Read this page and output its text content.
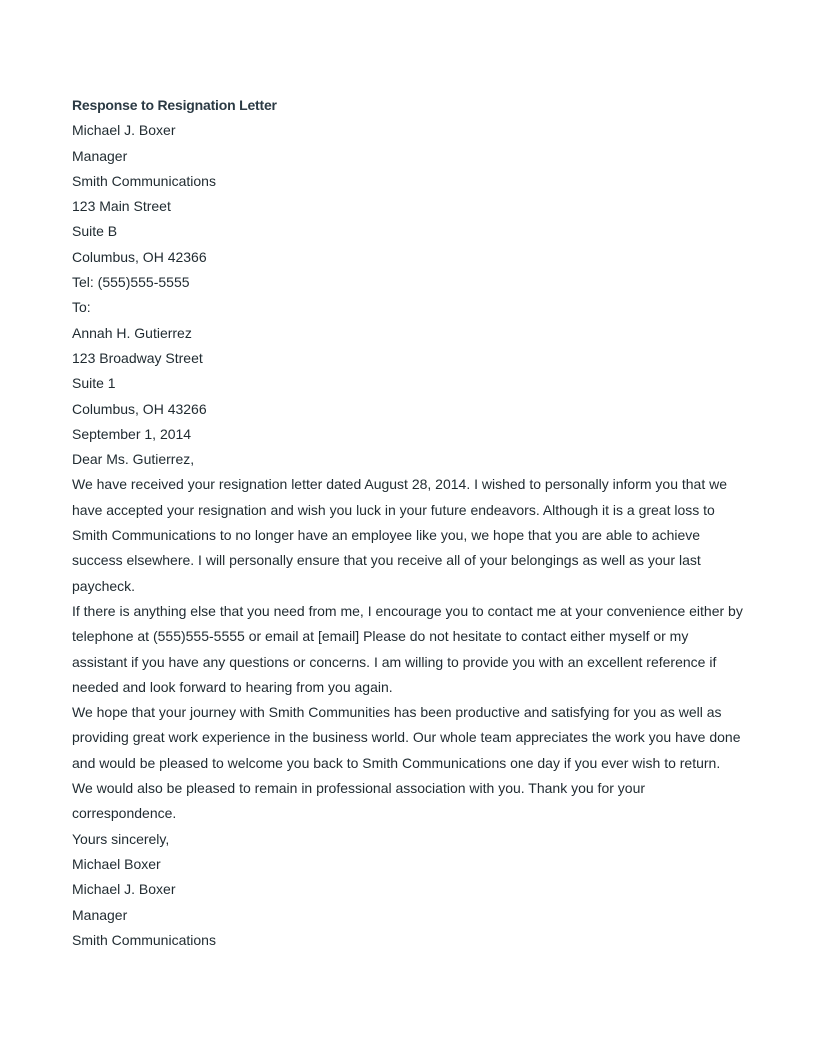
Response to Resignation Letter
Michael J. Boxer
Manager
Smith Communications
123 Main Street
Suite B
Columbus, OH 42366
Tel: (555)555-5555
To:
Annah H. Gutierrez
123 Broadway Street
Suite 1
Columbus, OH 43266
September 1, 2014
Dear Ms. Gutierrez,
We have received your resignation letter dated August 28, 2014. I wished to personally inform you that we have accepted your resignation and wish you luck in your future endeavors. Although it is a great loss to Smith Communications to no longer have an employee like you, we hope that you are able to achieve success elsewhere. I will personally ensure that you receive all of your belongings as well as your last paycheck.
If there is anything else that you need from me, I encourage you to contact me at your convenience either by telephone at (555)555-5555 or email at [email] Please do not hesitate to contact either myself or my assistant if you have any questions or concerns. I am willing to provide you with an excellent reference if needed and look forward to hearing from you again.
We hope that your journey with Smith Communities has been productive and satisfying for you as well as providing great work experience in the business world. Our whole team appreciates the work you have done and would be pleased to welcome you back to Smith Communications one day if you ever wish to return. We would also be pleased to remain in professional association with you. Thank you for your correspondence.
Yours sincerely,
Michael Boxer
Michael J. Boxer
Manager
Smith Communications
